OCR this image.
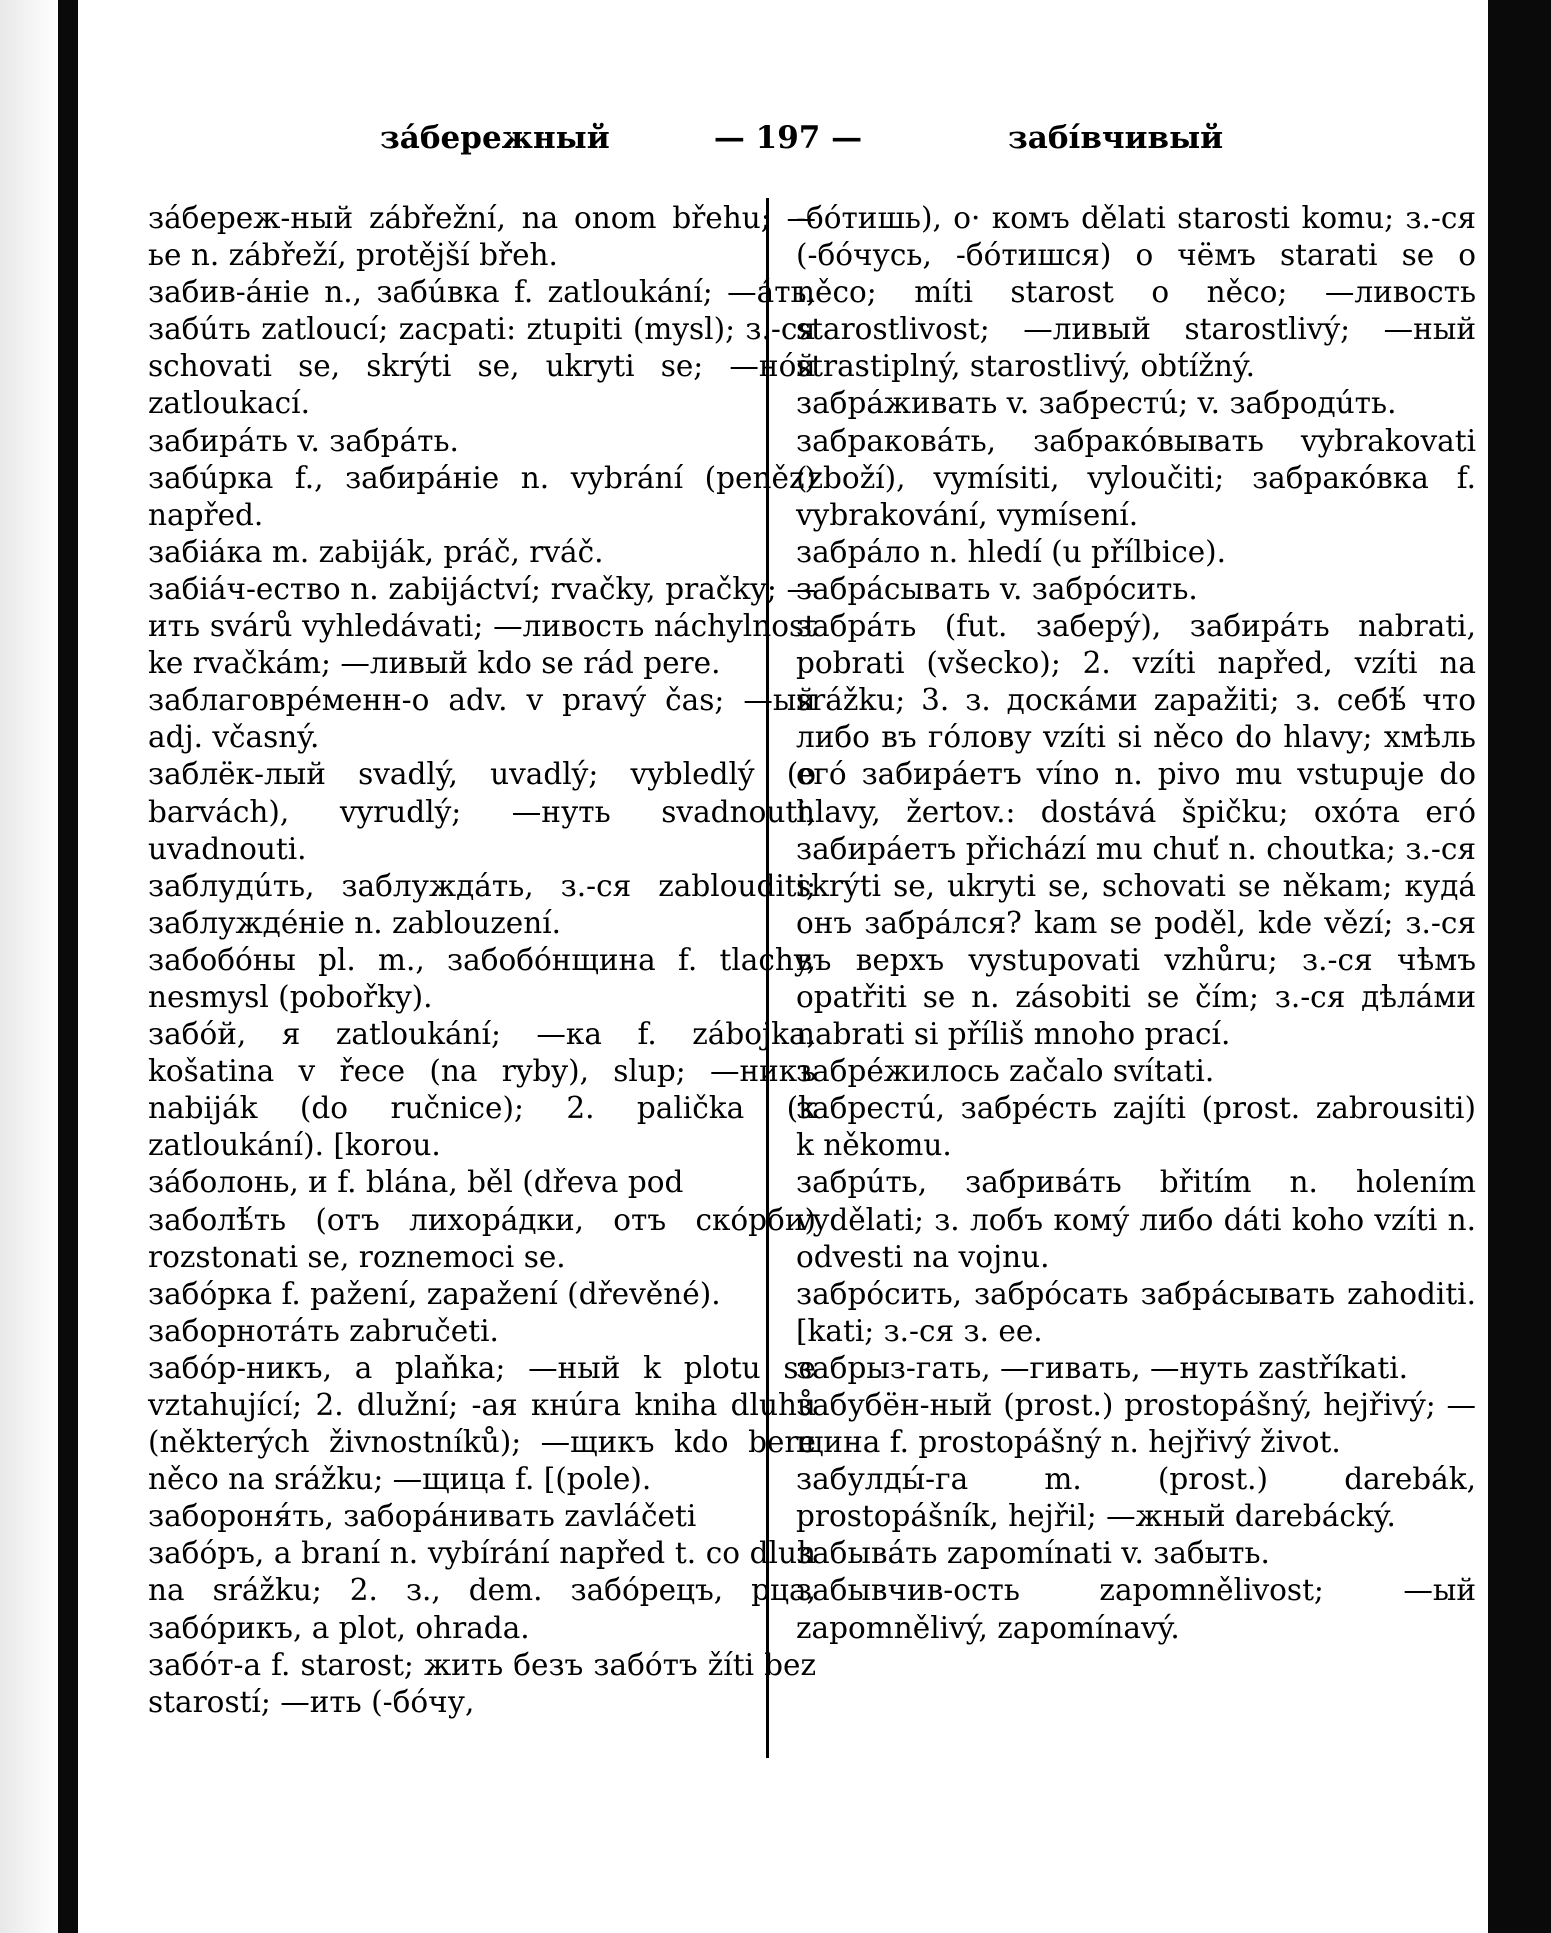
зáбережный	— 197 —	забíвчивый

зáбереж-ный zábřežní, na onom břehu; —ье n. zábřeží, protější břeh.

забив-áніе n., забúвка f. zatloukání; —áть, забúть zatloucí; zacpati: ztupiti (mysl); з.-ся schovati se, skrýti se, ukryti se; —нóй zatloukací.

забирáть v. забрáть.

забúрка f., забирáніе n. vybrání (peněz) napřed.

забіáка m. zabiják, práč, rváč.

забіáч-ество n. zabijáctví; rvačky, pračky; —ить svárů vyhledávati; —ливость náchylnost ke rvačkám; —ливый kdo se rád pere.

заблаговрéменн-о adv. v pravý čas; —ый adj. včasný.

заблёк-лый svadlý, uvadlý; vybledlý (o barvách), vyrudlý; —нуть svadnouti, uvadnouti.

заблудúть, заблуждáть, з.-ся zablouditi; заблуждéніе n. zablouzení.

забобóны pl. m., забобóнщина f. tlachy, nesmysl (pobořky).

забóй, я zatloukání; —ка f. zábojka, košatina v řece (na ryby), slup; —никъ nabiják (do ručnice); 2. palička (k zatloukání). [korou.

зáболонь, и f. blána, běl (dřeva pod

заболѣ́ть (отъ лихорáдки, отъ скóрби) rozstonati se, roznemoci se.

забóрка f. pažení, zapažení (dřevěné).

заборнотáть zabručeti.

забóр-никъ, а plaňka; —ный k plotu se vztahující; 2. dlužní; -ая кнúга kniha dluhů (některých živnostníků); —щикъ kdo bere něco na srážku; —щица f. [(pole).

забороня́ть, заборáнивать zavláčeti

забóръ, а braní n. vybírání napřed t. co dluh na srážku; 2. з., dem. забóрецъ, рца, забóрикъ, а plot, ohrada.

забóт-а f. starost; жить безъ забóтъ žíti bez starostí; —ить (-бóчу,

-бóтишь), о· комъ dělati starosti komu; з.-ся (-бóчусь, -бóтишся) о чёмъ starati se o něco; míti starost o něco; —ливость starostlivost; —ливый starostlivý; —ный strastiplný, starostlivý, obtížný.

забрáживать v. забрестú; v. забродúть.

забраковáть, забракóвывать vybrakovati (zboží), vymísiti, vyloučiti; забракóвка f. vybrakování, vymísení.

забрáло n. hledí (u přílbice).

забрáсывать v. забрóсить.

забрáть (fut. заберý), забирáть nabrati, pobrati (všecko); 2. vzíti napřed, vzíti na srážku; 3. з. доскáми zapažiti; з. себѣ́ что либо въ гóлову vzíti si něco do hlavy; хмѣль егó забирáетъ víno n. pivo mu vstupuje do hlavy, žertov.: dostává špičku; охóта егó забирáетъ přichází mu chuť n. choutka; з.-ся skrýti se, ukryti se, schovati se někam; кудá онъ забрáлся? kam se poděl, kde vězí; з.-ся въ верхъ vystupovati vzhůru; з.-ся чѣмъ opatřiti se n. zásobiti se čím; з.-ся дѣлáми nabrati si příliš mnoho prací.

забрéжилось začalo svítati.

забрестú, забрéсть zajíti (prost. zabrousiti) k někomu.

забрúть, забривáть břitím n. holením vydělati; з. лобъ комý либо dáti koho vzíti n. odvesti na vojnu.

забрóсить, забрóсать забрáсывать zahoditi. [kati; з.-ся з. ее.

забрыз-гать, —гивать, —нуть zastříkati.

забубён-ный (prost.) prostopášný, hejřivý; —щина f. prostopášný n. hejřivý život.

забулды́-га m. (prost.) darebák, prostopášník, hejřil; —жный darebácký.

забывáть zapomínati v. забыть.

забывчив-ость zapomnělivost; —ый zapomnělivý, zapomínavý.
